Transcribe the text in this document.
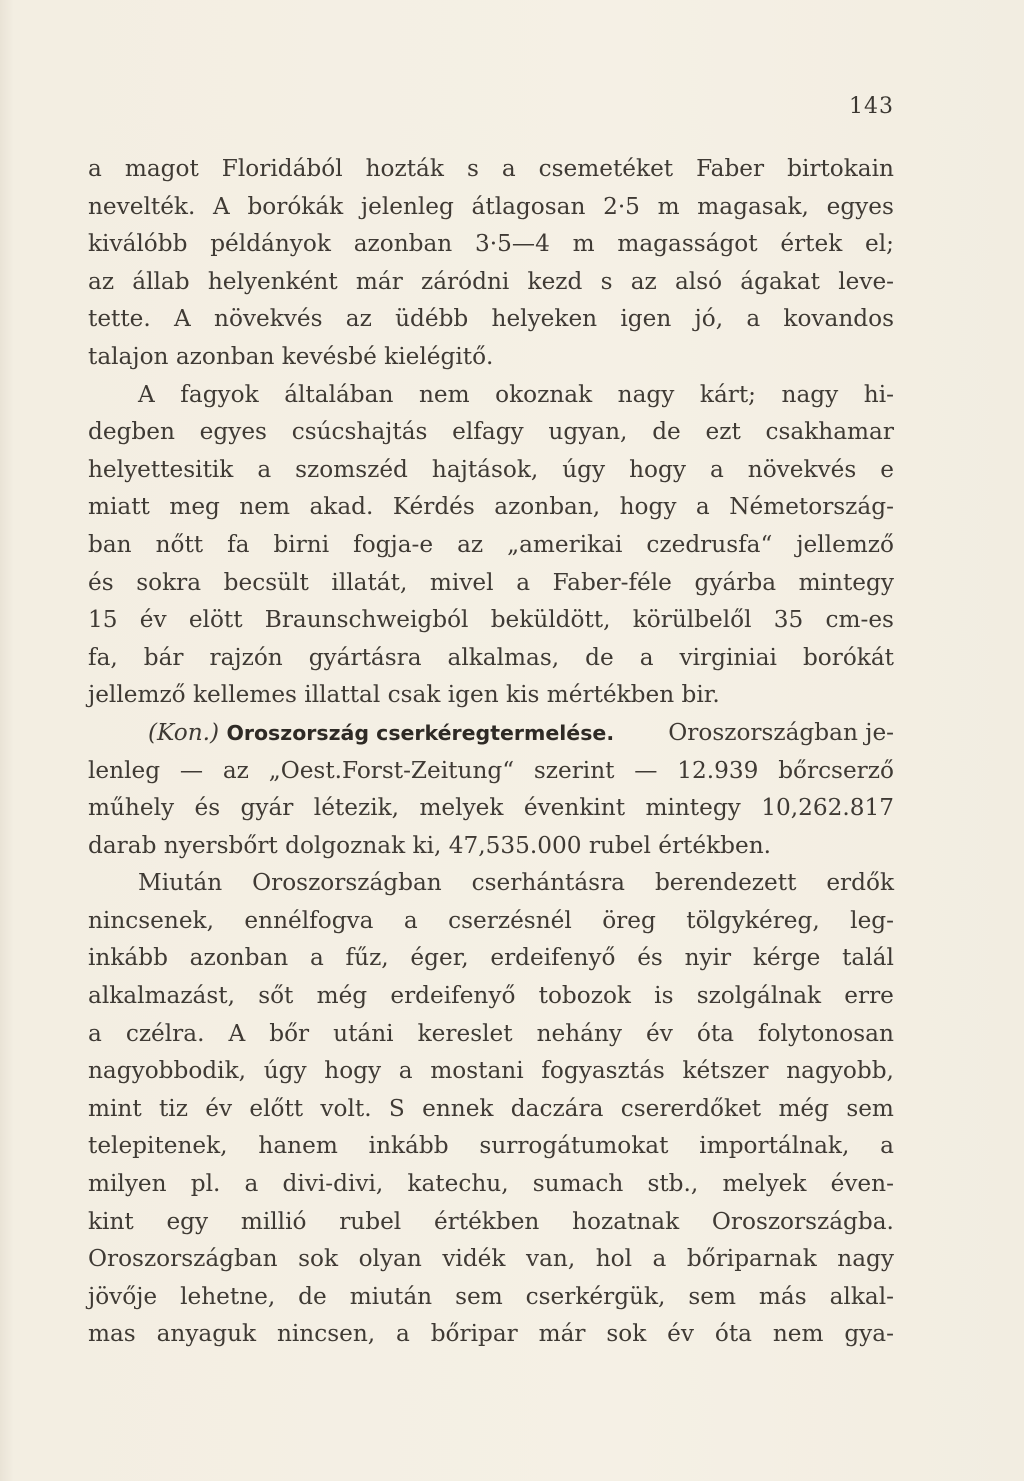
143
a magot Floridából hozták s a csemetéket Faber birtokain
nevelték. A borókák jelenleg átlagosan 2·5 m magasak, egyes
kiválóbb példányok azonban 3·5—4 m magasságot értek el;
az állab helyenként már záródni kezd s az alsó ágakat leve-
tette. A növekvés az üdébb helyeken igen jó, a kovandos
talajon azonban kevésbé kielégitő.
A fagyok általában nem okoznak nagy kárt; nagy hi-
degben egyes csúcshajtás elfagy ugyan, de ezt csakhamar
helyettesitik a szomszéd hajtások, úgy hogy a növekvés e
miatt meg nem akad. Kérdés azonban, hogy a Németország-
ban nőtt fa birni fogja-e az „amerikai czedrusfa“ jellemző
és sokra becsült illatát, mivel a Faber-féle gyárba mintegy
15 év elött Braunschweigból beküldött, körülbelől 35 cm-es
fa, bár rajzón gyártásra alkalmas, de a virginiai borókát
jellemző kellemes illattal csak igen kis mértékben bir.
(Kon.) Oroszország cserkéregtermelése. Oroszországban je-
lenleg — az „Oest.Forst-Zeitung“ szerint — 12.939 bőrcserző
műhely és gyár létezik, melyek évenkint mintegy 10,262.817
darab nyersbőrt dolgoznak ki, 47,535.000 rubel értékben.
Miután Oroszországban cserhántásra berendezett erdők
nincsenek, ennélfogva a cserzésnél öreg tölgykéreg, leg-
inkább azonban a fűz, éger, erdeifenyő és nyir kérge talál
alkalmazást, sőt még erdeifenyő tobozok is szolgálnak erre
a czélra. A bőr utáni kereslet nehány év óta folytonosan
nagyobbodik, úgy hogy a mostani fogyasztás kétszer nagyobb,
mint tiz év előtt volt. S ennek daczára csererdőket még sem
telepitenek, hanem inkább surrogátumokat importálnak, a
milyen pl. a divi-divi, katechu, sumach stb., melyek éven-
kint egy millió rubel értékben hozatnak Oroszországba.
Oroszországban sok olyan vidék van, hol a bőriparnak nagy
jövője lehetne, de miután sem cserkérgük, sem más alkal-
mas anyaguk nincsen, a bőripar már sok év óta nem gya-
